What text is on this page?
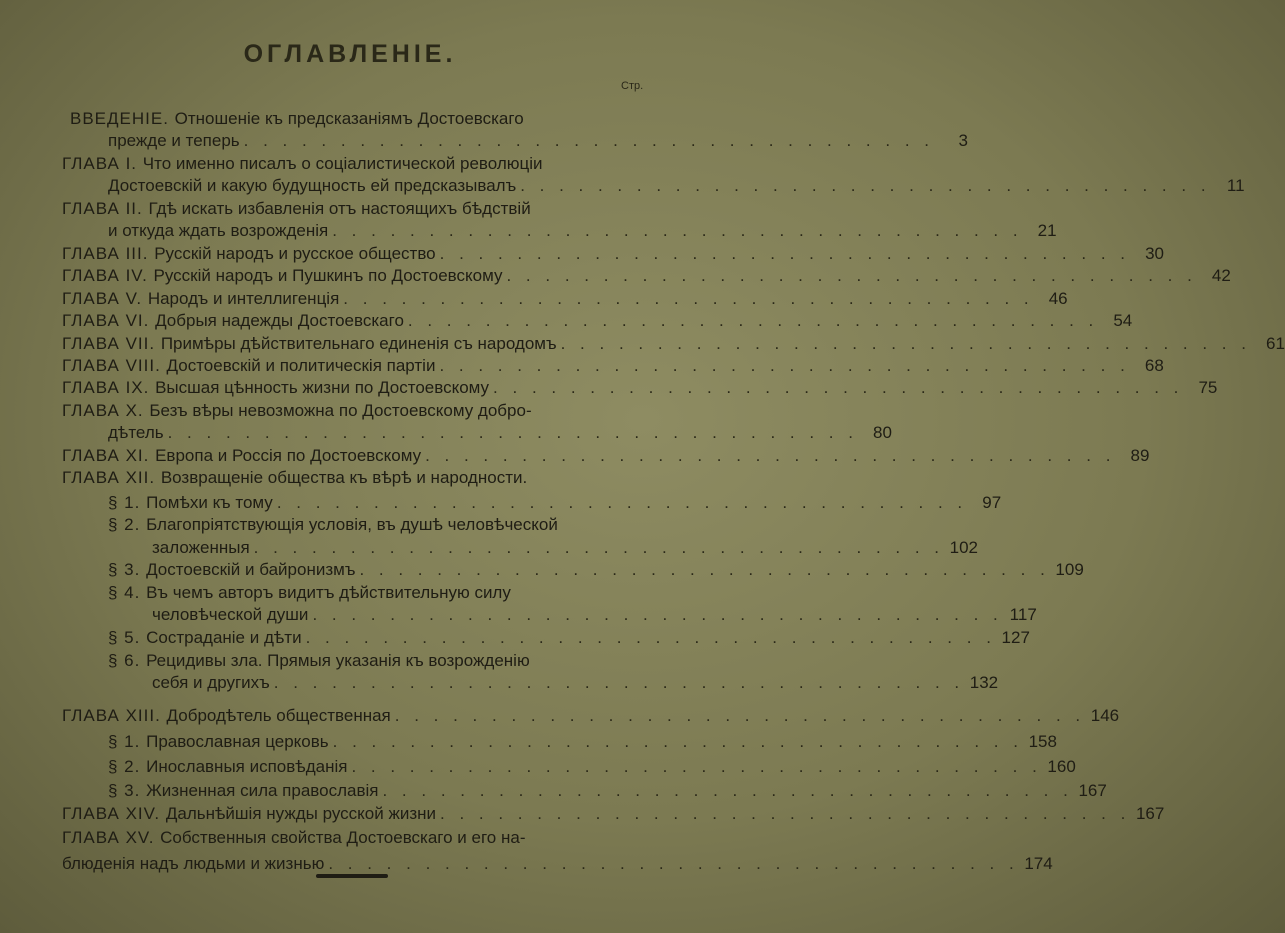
ОГЛАВЛЕНIЕ.
Стр.
ВВЕДЕНIЕ. Отношенiе къ предсказанiямъ Достоевскаго
прежде и теперь . . . . . . . . . . . . . . . . . . . . . . . . . . . . . . . . . . . .	3
ГЛАВА I. Что именно писалъ о соцiалистической революцiи
Достоевскiй и какую будущность ей предсказывалъ . . . . . . . . . . . . . . . . . . . . . . . . . . . . . . . . . . . . 11
ГЛАВА II. Гдѣ искать избавленiя отъ настоящихъ бѣдствiй
и откуда ждать возрожденiя . . . . . . . . . . . . . . . . . . . . . . . . . . . . . . . . . . . . 21
ГЛАВА III. Русскiй народъ и русское общество . . . . . . . . . . . . . . . . . . . . . . . . . . . . . . . . . . . . 30
ГЛАВА IV. Русскiй народъ и Пушкинъ по Достоевскому . . . . . . . . . . . . . . . . . . . . . . . . . . . . . . . . . . . . 42
ГЛАВА V. Народъ и интеллигенцiя . . . . . . . . . . . . . . . . . . . . . . . . . . . . . . . . . . . . 46
ГЛАВА VI. Добрыя надежды Достоевскаго . . . . . . . . . . . . . . . . . . . . . . . . . . . . . . . . . . . . 54
ГЛАВА VII. Примѣры дѣйствительнаго единенiя съ народомъ . . . . . . . . . . . . . . . . . . . . . . . . . . . . . . . . . . . . 61
ГЛАВА VIII. Достоевскiй и политическiя партiи . . . . . . . . . . . . . . . . . . . . . . . . . . . . . . . . . . . . 68
ГЛАВА IX. Высшая цѣнность жизни по Достоевскому . . . . . . . . . . . . . . . . . . . . . . . . . . . . . . . . . . . . 75
ГЛАВА X. Безъ вѣры невозможна по Достоевскому добро-
дѣтель . . . . . . . . . . . . . . . . . . . . . . . . . . . . . . . . . . . . 80
ГЛАВА XI. Европа и Россiя по Достоевскому . . . . . . . . . . . . . . . . . . . . . . . . . . . . . . . . . . . . 89
ГЛАВА XII. Возвращенiе общества къ вѣрѣ и народности.
§ 1. Помѣхи къ тому . . . . . . . . . . . . . . . . . . . . . . . . . . . . . . . . . . . . 97
§ 2. Благопрiятствующiя условiя, въ душѣ человѣческой
заложенныя . . . . . . . . . . . . . . . . . . . . . . . . . . . . . . . . . . . . 102
§ 3. Достоевскiй и байронизмъ . . . . . . . . . . . . . . . . . . . . . . . . . . . . . . . . . . . . 109
§ 4. Въ чемъ авторъ видитъ дѣйствительную силу
человѣческой души . . . . . . . . . . . . . . . . . . . . . . . . . . . . . . . . . . . . 117
§ 5. Состраданiе и дѣти . . . . . . . . . . . . . . . . . . . . . . . . . . . . . . . . . . . . 127
§ 6. Рецидивы зла. Прямыя указанiя къ возрожденiю
себя и другихъ . . . . . . . . . . . . . . . . . . . . . . . . . . . . . . . . . . . . 132
ГЛАВА XIII. Добродѣтель общественная . . . . . . . . . . . . . . . . . . . . . . . . . . . . . . . . . . . . 146
§ 1. Православная церковь . . . . . . . . . . . . . . . . . . . . . . . . . . . . . . . . . . . . 158
§ 2. Инославныя исповѣданiя . . . . . . . . . . . . . . . . . . . . . . . . . . . . . . . . . . . . 160
§ 3. Жизненная сила православiя . . . . . . . . . . . . . . . . . . . . . . . . . . . . . . . . . . . . 167
ГЛАВА XIV. Дальнѣйшiя нужды русской жизни . . . . . . . . . . . . . . . . . . . . . . . . . . . . . . . . . . . . 167
ГЛАВА XV. Собственныя свойства Достоевскаго и его на-
блюденiя надъ людьми и жизнью . . . . . . . . . . . . . . . . . . . . . . . . . . . . . . . . . . . . 174
